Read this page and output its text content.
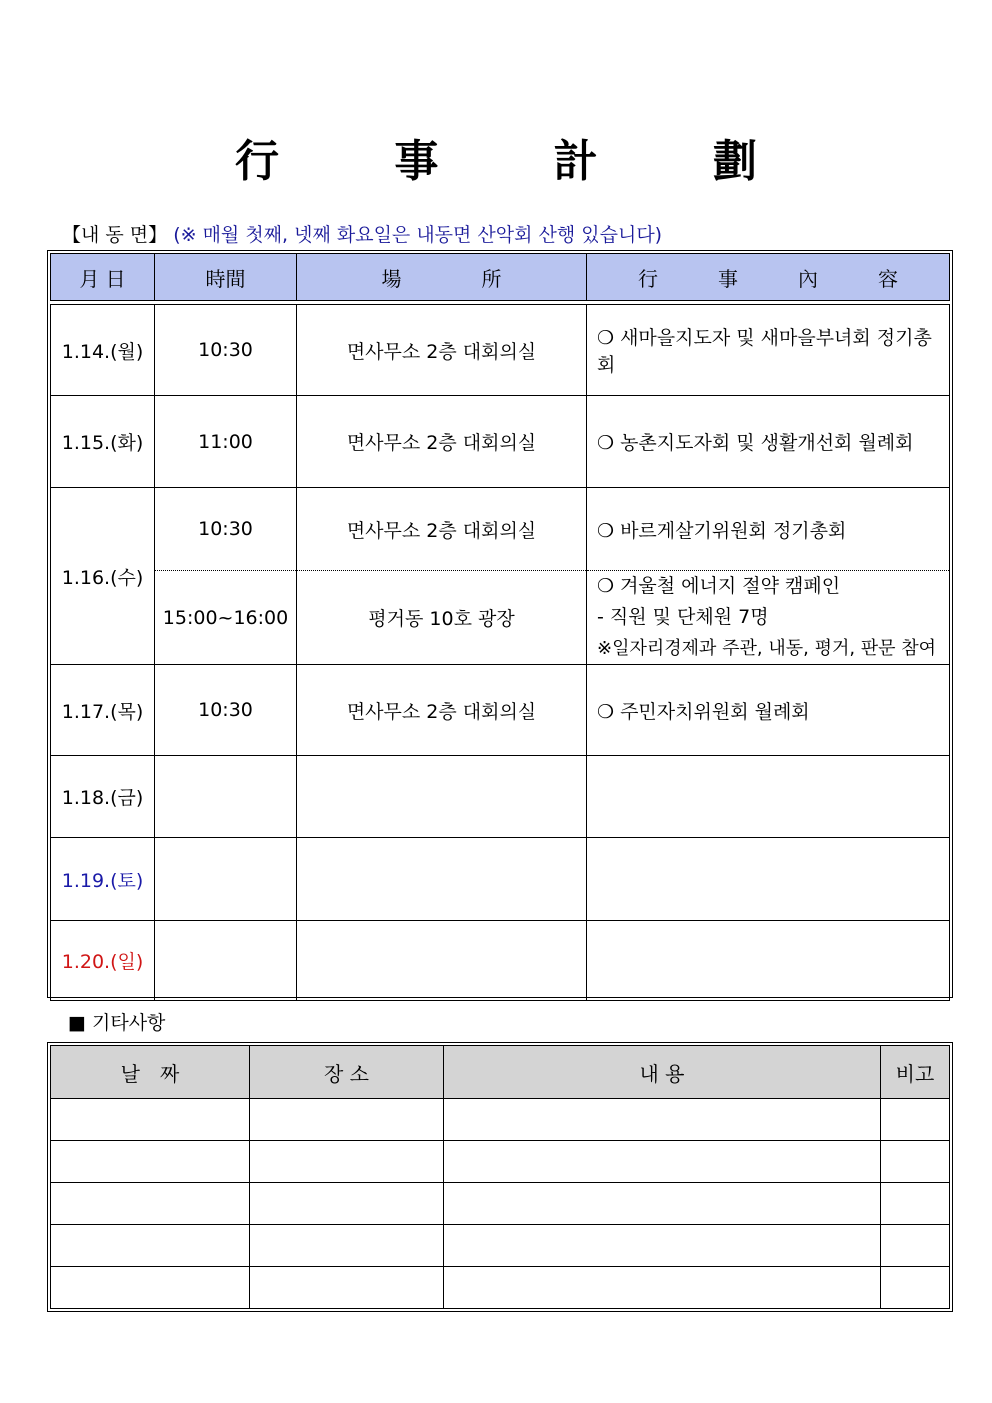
行	事	計	劃
【내 동 면】 (※ 매월 첫째, 넷째 화요일은 내동면 산악회 산행 있습니다)
月 日	時間	場　　　　所	行　　　事　　　內　　　容

1.14.(월)	10:30	면사무소 2층 대회의실	❍ 새마을지도자 및 새마을부녀회 정기총회
1.15.(화)	11:00	면사무소 2층 대회의실	❍ 농촌지도자회 및 생활개선회 월례회
1.16.(수)	10:30	면사무소 2층 대회의실	❍ 바르게살기위원회 정기총회
	15:00~16:00	평거동 10호 광장	❍ 겨울철 에너지 절약 캠페인
- 직원 및 단체원 7명
※일자리경제과 주관, 내동, 평거, 판문 참여

1.17.(목)	10:30	면사무소 2층 대회의실	❍ 주민자치위원회 월례회
1.18.(금)			
1.19.(토)			
1.20.(일)			
■ 기타사항
날　짜	장 소	내 용	비고
